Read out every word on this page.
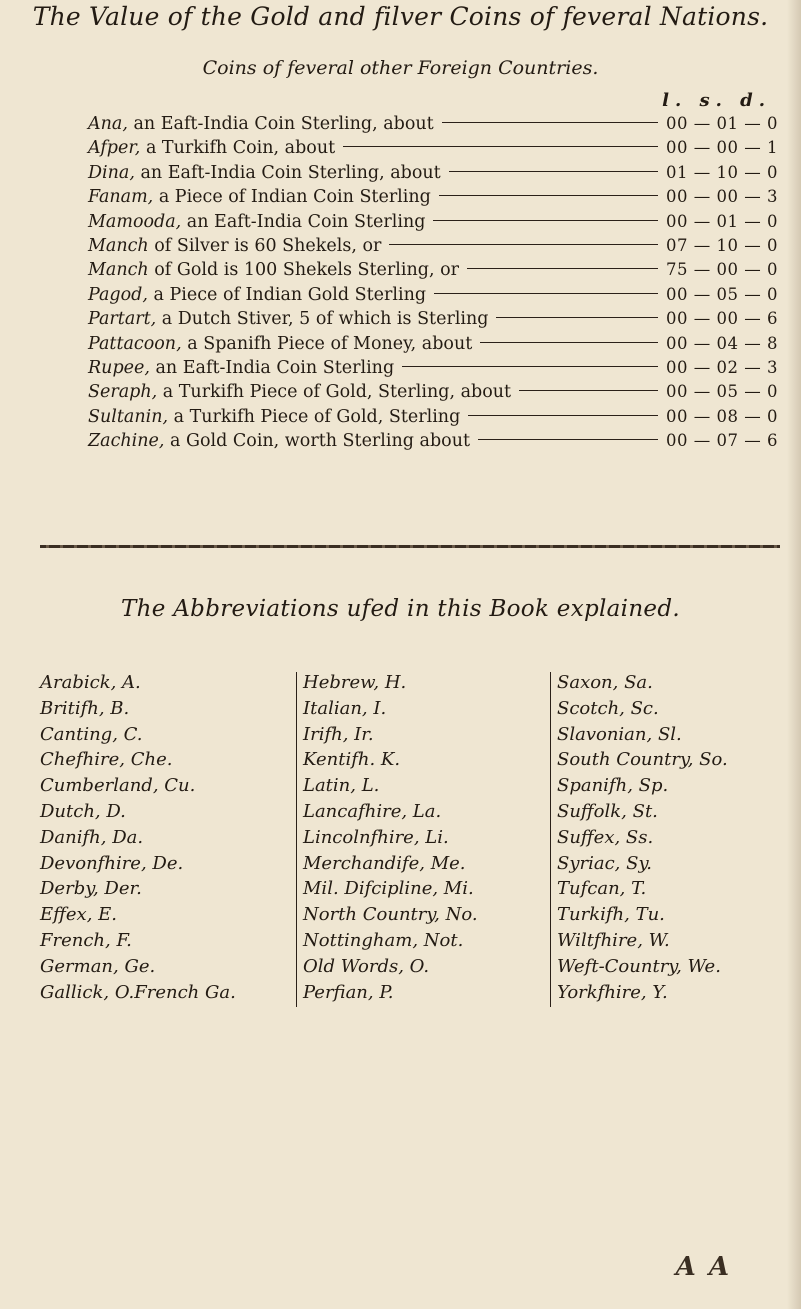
The Value of the Gold and filver Coins of feveral Nations.
Coins of feveral other Foreign Countries.
l. s. d.
Ana, an Eaft-India Coin Sterling, about	00 — 01 — 0
Afper, a Turkifh Coin, about	00 — 00 — 1
Dina, an Eaft-India Coin Sterling, about	01 — 10 — 0
Fanam, a Piece of Indian Coin Sterling	00 — 00 — 3
Mamooda, an Eaft-India Coin Sterling	00 — 01 — 0
Manch of Silver is 60 Shekels, or	07 — 10 — 0
Manch of Gold is 100 Shekels Sterling, or	75 — 00 — 0
Pagod, a Piece of Indian Gold Sterling	00 — 05 — 0
Partart, a Dutch Stiver, 5 of which is Sterling	00 — 00 — 6
Pattacoon, a Spanifh Piece of Money, about	00 — 04 — 8
Rupee, an Eaft-India Coin Sterling	00 — 02 — 3
Seraph, a Turkifh Piece of Gold, Sterling, about	00 — 05 — 0
Sultanin, a Turkifh Piece of Gold, Sterling	00 — 08 — 0
Zachine, a Gold Coin, worth Sterling about	00 — 07 — 6
The Abbreviations ufed in this Book explained.
Arabick, A.
Britifh, B.
Canting, C.
Chefhire, Che.
Cumberland, Cu.
Dutch, D.
Danifh, Da.
Devonfhire, De.
Derby, Der.
Effex, E.
French, F.
German, Ge.
Gallick, O.French Ga.
Hebrew, H.
Italian, I.
Irifh, Ir.
Kentifh. K.
Latin, L.
Lancafhire, La.
Lincolnfhire, Li.
Merchandife, Me.
Mil. Difcipline, Mi.
North Country, No.
Nottingham, Not.
Old Words, O.
Perfian, P.
Saxon, Sa.
Scotch, Sc.
Slavonian, Sl.
South Country, So.
Spanifh, Sp.
Suffolk, St.
Suffex, Ss.
Syriac, Sy.
Tufcan, T.
Turkifh, Tu.
Wiltfhire, W.
Weft-Country, We.
Yorkfhire, Y.
A A
